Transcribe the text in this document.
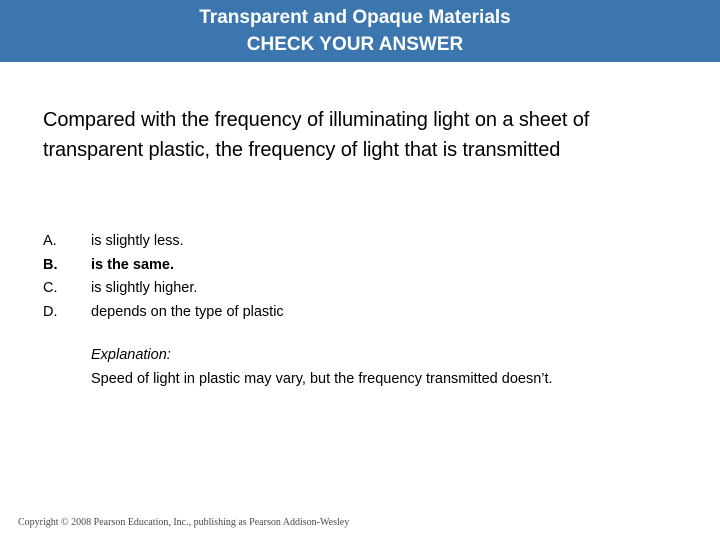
Transparent and Opaque Materials
CHECK YOUR ANSWER
Compared with the frequency of illuminating light on a sheet of transparent plastic, the frequency of light that is transmitted
A. is slightly less.
B. is the same.
C. is slightly higher.
D. depends on the type of plastic
Explanation:
Speed of light in plastic may vary, but the frequency transmitted doesn’t.
Copyright © 2008 Pearson Education, Inc., publishing as Pearson Addison-Wesley
